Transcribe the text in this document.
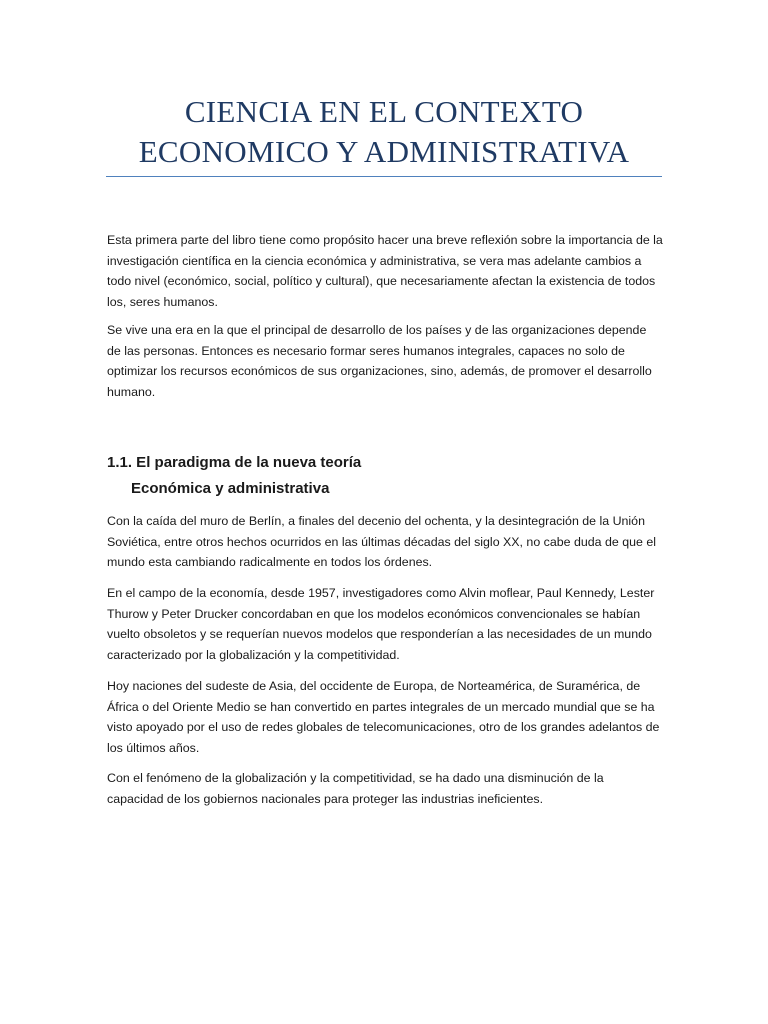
CIENCIA EN EL CONTEXTO
ECONOMICO Y ADMINISTRATIVA

Esta primera parte del libro tiene como propósito hacer una breve reflexión sobre la importancia de la investigación científica en la ciencia económica y administrativa, se vera mas adelante cambios a todo nivel (económico, social, político y cultural), que necesariamente afectan la existencia de todos los, seres humanos.

Se vive una era en la que el principal de desarrollo de los países y de las organizaciones depende de las personas. Entonces es necesario formar seres humanos integrales, capaces no solo de optimizar los recursos económicos de sus organizaciones, sino, además, de promover el desarrollo humano.

1.1. El paradigma de la nueva teoría
Económica y administrativa

Con la caída del muro de Berlín, a finales del decenio del ochenta, y la desintegración de la Unión Soviética, entre otros hechos ocurridos en las últimas décadas del siglo XX, no cabe duda de que el mundo esta cambiando radicalmente en todos los órdenes.

En el campo de la economía, desde 1957, investigadores como Alvin moflear, Paul Kennedy, Lester Thurow y Peter Drucker concordaban en que los modelos económicos convencionales se habían vuelto obsoletos y se requerían nuevos modelos que responderían a las necesidades de un mundo caracterizado por la globalización y la competitividad.

Hoy naciones del sudeste de Asia, del occidente de Europa, de Norteamérica, de Suramérica, de África o del Oriente Medio se han convertido en partes integrales de un mercado mundial que se ha visto apoyado por el uso de redes globales de telecomunicaciones, otro de los grandes adelantos de los últimos años.

Con el fenómeno de la globalización y la competitividad, se ha dado una disminución de la capacidad de los gobiernos nacionales para proteger las industrias ineficientes.
